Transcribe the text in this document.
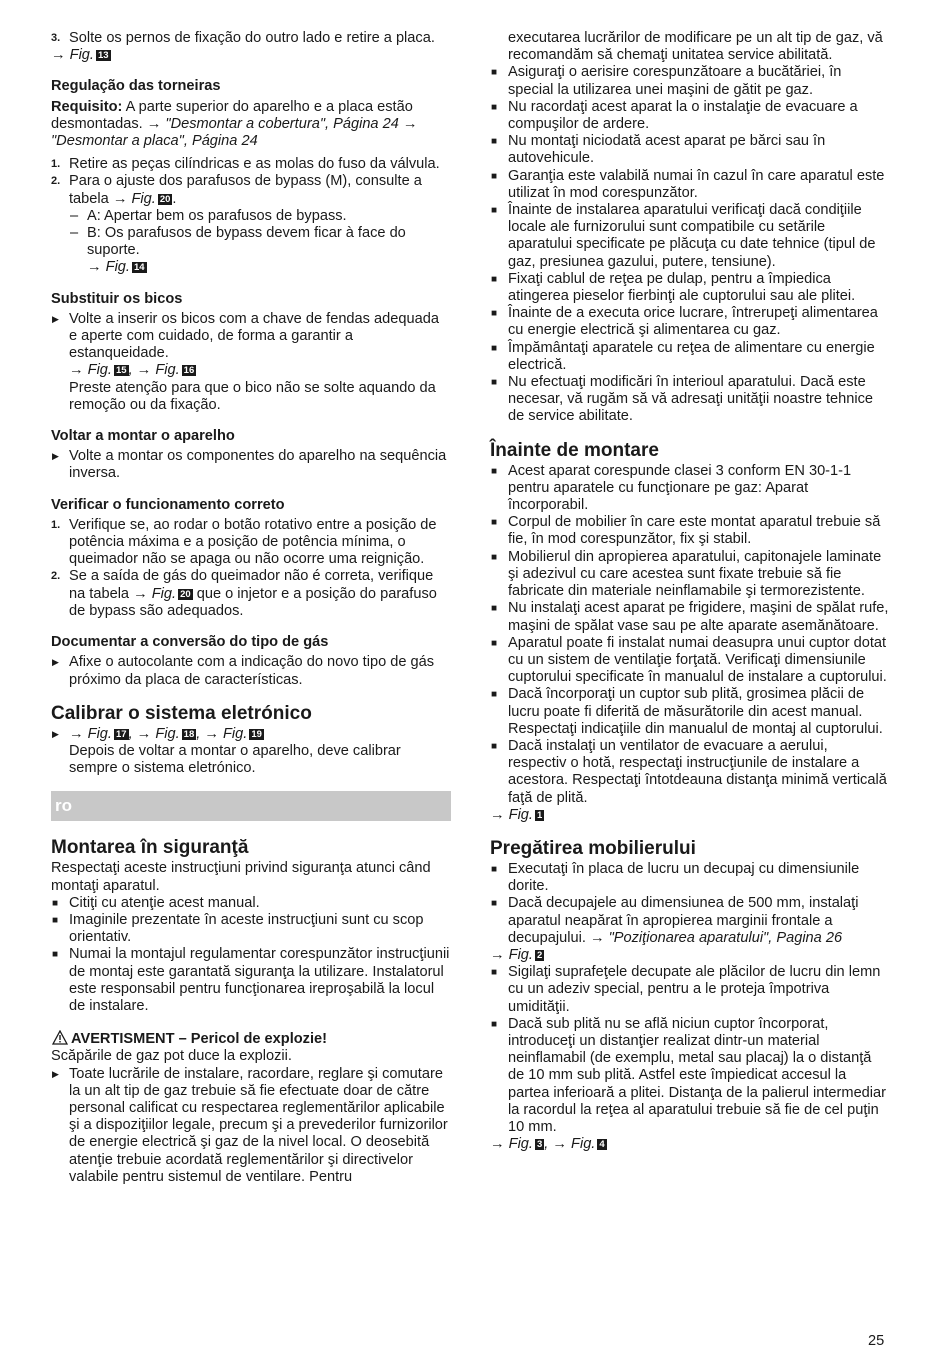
3. Solte os pernos de fixação do outro lado e retire a placa.

→ Fig. 13

Regulação das torneiras

Requisito: A parte superior do aparelho e a placa estão desmontadas. → "Desmontar a cobertura", Página 24 → "Desmontar a placa", Página 24

1. Retire as peças cilíndricas e as molas do fuso da válvula.
2. Para o ajuste dos parafusos de bypass (M), consulte a tabela → Fig. 20 .
– A: Apertar bem os parafusos de bypass.
– B: Os parafusos de bypass devem ficar à face do suporte.

→ Fig. 14

Substituir os bicos

▶ Volte a inserir os bicos com a chave de fendas adequada e aperte com cuidado, de forma a garantir a estanqueidade.

→ Fig. 15 , → Fig. 16

Preste atenção para que o bico não se solte aquando da remoção ou da fixação.

Voltar a montar o aparelho

▶ Volte a montar os componentes do aparelho na sequência inversa.

Verificar o funcionamento correto

1. Verifique se, ao rodar o botão rotativo entre a posição de potência máxima e a posição de potência mínima, o queimador não se apaga ou não ocorre uma reignição.
2. Se a saída de gás do queimador não é correta, verifique na tabela → Fig. 20 que o injetor e a posição do parafuso de bypass são adequados.

Documentar a conversão do tipo de gás

▶ Afixe o autocolante com a indicação do novo tipo de gás próximo da placa de características.

Calibrar o sistema eletrónico

▶ → Fig. 17 , → Fig. 18 , → Fig. 19

Depois de voltar a montar o aparelho, deve calibrar sempre o sistema eletrónico.

ro

Montarea în siguranţă

Respectaţi aceste instrucţiuni privind siguranţa atunci când montaţi aparatul.

■ Citiţi cu atenţie acest manual.
■ Imaginile prezentate în aceste instrucţiuni sunt cu scop orientativ.
■ Numai la montajul regulamentar corespunzător instrucţiunii de montaj este garantată siguranţa la utilizare. Instalatorul este responsabil pentru funcţionarea ireproşabilă la locul de instalare.

AVERTISMENT – Pericol de explozie!

Scăpările de gaz pot duce la explozii.

▶ Toate lucrările de instalare, racordare, reglare şi comutare la un alt tip de gaz trebuie să fie efectuate doar de către personal calificat cu respectarea reglementărilor aplicabile şi a dispoziţiilor legale, precum şi a prevederilor furnizorilor de energie electrică şi gaz de la nivel local. O deosebită atenţie trebuie acordată reglementărilor şi directivelor valabile pentru sistemul de ventilare. Pentru

executarea lucrărilor de modificare pe un alt tip de gaz, vă recomandăm să chemaţi unitatea service abilitată.

■ Asiguraţi o aerisire corespunzătoare a bucătăriei, în special la utilizarea unei maşini de gătit pe gaz.
■ Nu racordaţi acest aparat la o instalaţie de evacuare a compuşilor de ardere.
■ Nu montaţi niciodată acest aparat pe bărci sau în autovehicule.
■ Garanţia este valabilă numai în cazul în care aparatul este utilizat în mod corespunzător.
■ Înainte de instalarea aparatului verificaţi dacă condiţiile locale ale furnizorului sunt compatibile cu setările aparatului specificate pe plăcuţa cu date tehnice (tipul de gaz, presiunea gazului, putere, tensiune).
■ Fixaţi cablul de reţea pe dulap, pentru a împiedica atingerea pieselor fierbinţi ale cuptorului sau ale plitei.
■ Înainte de a executa orice lucrare, întrerupeţi alimentarea cu energie electrică şi alimentarea cu gaz.
■ Împământaţi aparatele cu reţea de alimentare cu energie electrică.
■ Nu efectuaţi modificări în interioul aparatului. Dacă este necesar, vă rugăm să vă adresaţi unităţii noastre tehnice de service abilitate.

Înainte de montare

■ Acest aparat corespunde clasei 3 conform EN 30-1-1 pentru aparatele cu funcţionare pe gaz: Aparat încorporabil.
■ Corpul de mobilier în care este montat aparatul trebuie să fie, în mod corespunzător, fix şi stabil.
■ Mobilierul din apropierea aparatului, capitonajele laminate şi adezivul cu care acestea sunt fixate trebuie să fie fabricate din materiale neinflamabile şi termorezistente.
■ Nu instalaţi acest aparat pe frigidere, maşini de spălat rufe, maşini de spălat vase sau pe alte aparate asemănătoare.
■ Aparatul poate fi instalat numai deasupra unui cuptor dotat cu un sistem de ventilaţie forţată. Verificaţi dimensiunile cuptorului specificate în manualul de instalare a cuptorului.
■ Dacă încorporaţi un cuptor sub plită, grosimea plăcii de lucru poate fi diferită de măsurătorile din acest manual. Respectaţi indicaţiile din manualul de montaj al cuptorului.
■ Dacă instalaţi un ventilator de evacuare a aerului, respectiv o hotă, respectaţi instrucţiunile de instalare a acestora. Respectaţi întotdeauna distanţa minimă verticală faţă de plită.

→ Fig. 1

Pregătirea mobilierului

■ Executaţi în placa de lucru un decupaj cu dimensiunile dorite.
■ Dacă decupajele au dimensiunea de 500 mm, instalaţi aparatul neapărat în apropierea marginii frontale a decupajului. → "Poziţionarea aparatului", Pagina 26

→ Fig. 2

■ Sigilaţi suprafeţele decupate ale plăcilor de lucru din lemn cu un adeziv special, pentru a le proteja împotriva umidităţii.
■ Dacă sub plită nu se află niciun cuptor încorporat, introduceţi un distanţier realizat dintr-un material neinflamabil (de exemplu, metal sau placaj) la o distanţă de 10 mm sub plită. Astfel este împiedicat accesul la partea inferioară a plitei. Distanţa de la palierul intermediar la racordul la reţea al aparatului trebuie să fie de cel puţin 10 mm.

→ Fig. 3 , → Fig. 4

25
